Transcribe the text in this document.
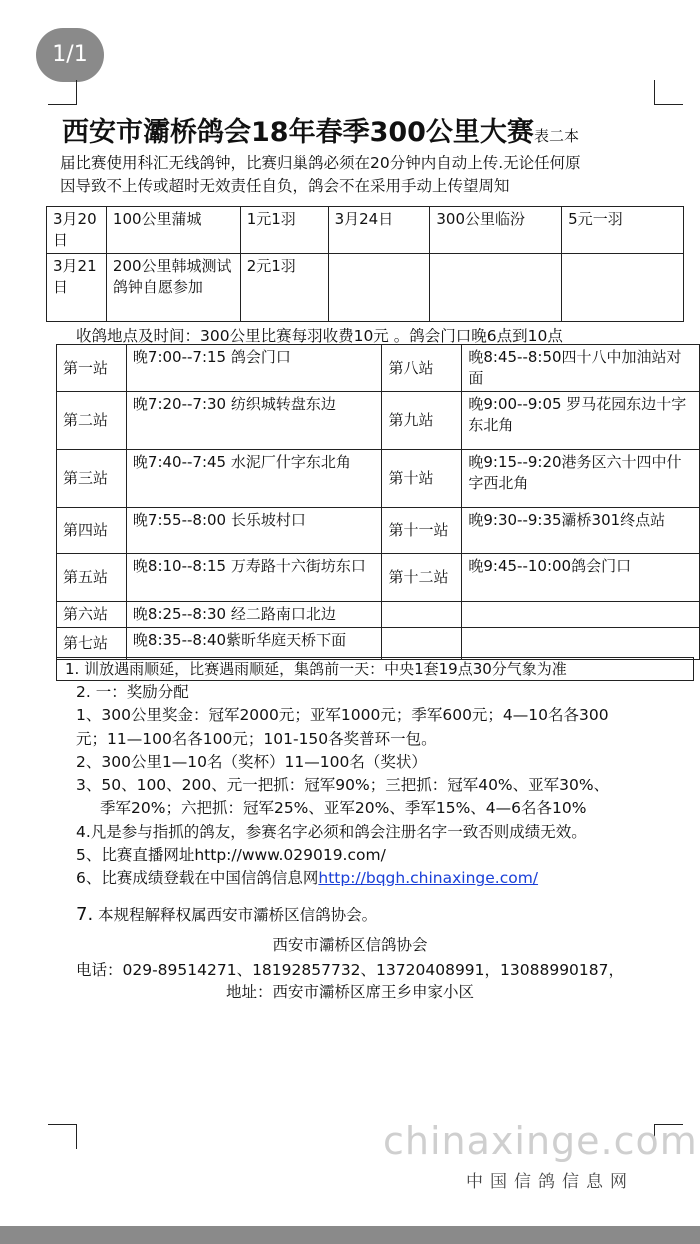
1/1
西安市灞桥鸽会18年春季300公里大赛表二本
届比赛使用科汇无线鸽钟，比赛归巢鸽必须在20分钟内自动上传.无论任何原
因导致不上传或超时无效责任自负，鸽会不在采用手动上传望周知
3月20日	100公里蒲城	1元1羽	3月24日	300公里临汾	5元一羽
3月21日	200公里韩城测试鸽钟自愿参加	2元1羽			
收鸽地点及时间：300公里比赛每羽收费10元 。鸽会门口晚6点到10点
第一站	晚7:00--7:15 鸽会门口	第八站	晚8:45--8:50四十八中加油站对面
第二站	晚7:20--7:30 纺织城转盘东边	第九站	晚9:00--9:05 罗马花园东边十字东北角
第三站	晚7:40--7:45 水泥厂什字东北角	第十站	晚9:15--9:20港务区六十四中什字西北角
第四站	晚7:55--8:00 长乐坡村口	第十一站	晚9:30--9:35灞桥301终点站
第五站	晚8:10--8:15 万寿路十六街坊东口	第十二站	晚9:45--10:00鸽会门口
第六站	晚8:25--8:30 经二路南口北边		
第七站	晚8:35--8:40紫昕华庭天桥下面		
1. 训放遇雨顺延，比赛遇雨顺延，集鸽前一天：中央1套19点30分气象为准
2. 一：奖励分配
1、300公里奖金：冠军2000元；亚军1000元；季军600元；4—10名各300
元；11—100名各100元；101-150各奖普环一包。
2、300公里1—10名（奖杯）11—100名（奖状）
3、50、100、200、元一把抓：冠军90%；三把抓：冠军40%、亚军30%、
季军20%；六把抓：冠军25%、亚军20%、季军15%、4—6名各10%
4.凡是参与指抓的鸽友，参赛名字必须和鸽会注册名字一致否则成绩无效。
5、比赛直播网址http://www.029019.com/
6、比赛成绩登载在中国信鸽信息网http://bqgh.chinaxinge.com/
7. 本规程解释权属西安市灞桥区信鸽协会。
西安市灞桥区信鸽协会
电话：029-89514271、18192857732、13720408991，13088990187，
地址：西安市灞桥区席王乡申家小区
chinaxinge.com
中国信鸽信息网
